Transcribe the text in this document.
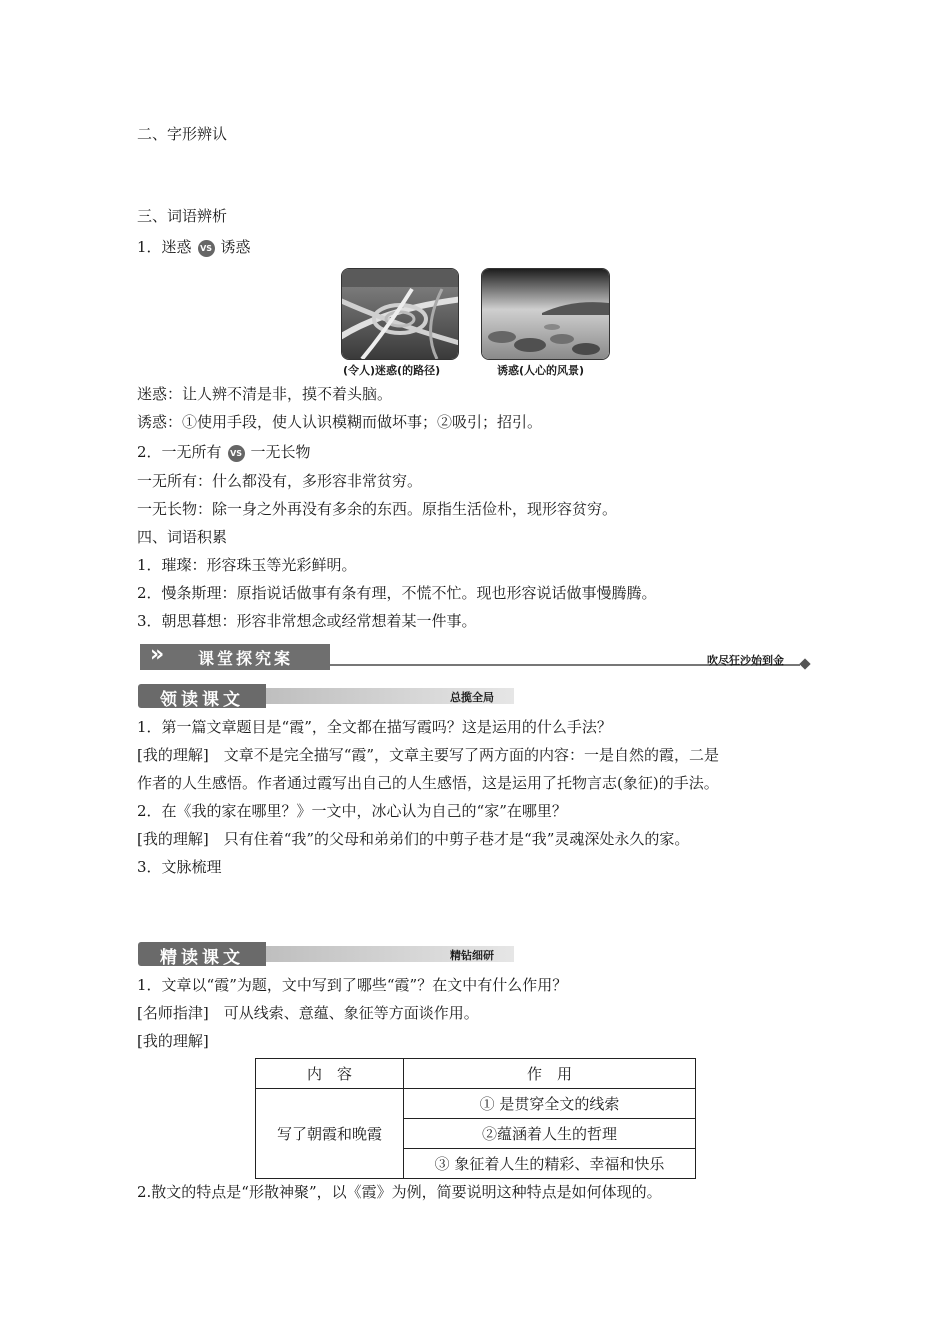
二、字形辨认
三、词语辨析
1．迷惑 VS 诱惑
(令人)迷惑(的路径)	诱惑(人心的风景)
迷惑：让人辨不清是非，摸不着头脑。
诱惑：①使用手段，使人认识模糊而做坏事；②吸引；招引。
2．一无所有 VS 一无长物
一无所有：什么都没有，多形容非常贫穷。
一无长物：除一身之外再没有多余的东西。原指生活俭朴，现形容贫穷。
四、词语积累
1．璀璨：形容珠玉等光彩鲜明。
2．慢条斯理：原指说话做事有条有理，不慌不忙。现也形容说话做事慢腾腾。
3．朝思暮想：形容非常想念或经常想着某一件事。
» 课堂探究案	吹尽狂沙始到金
领读课文	总揽全局
1．第一篇文章题目是“霞”，全文都在描写霞吗？这是运用的什么手法？
[我的理解]　文章不是完全描写“霞”，文章主要写了两方面的内容：一是自然的霞，二是
作者的人生感悟。作者通过霞写出自己的人生感悟，这是运用了托物言志(象征)的手法。
2．在《我的家在哪里？》一文中，冰心认为自己的“家”在哪里？
[我的理解]　只有住着“我”的父母和弟弟们的中剪子巷才是“我”灵魂深处永久的家。
3．文脉梳理
精读课文	精钻细研
1．文章以“霞”为题，文中写到了哪些“霞”？在文中有什么作用？
[名师指津]　可从线索、意蕴、象征等方面谈作用。
[我的理解]
内　容	作　用
写了朝霞和晚霞	① 是贯穿全文的线索
	②蕴涵着人生的哲理
	③ 象征着人生的精彩、幸福和快乐
2.散文的特点是“形散神聚”，以《霞》为例，简要说明这种特点是如何体现的。
